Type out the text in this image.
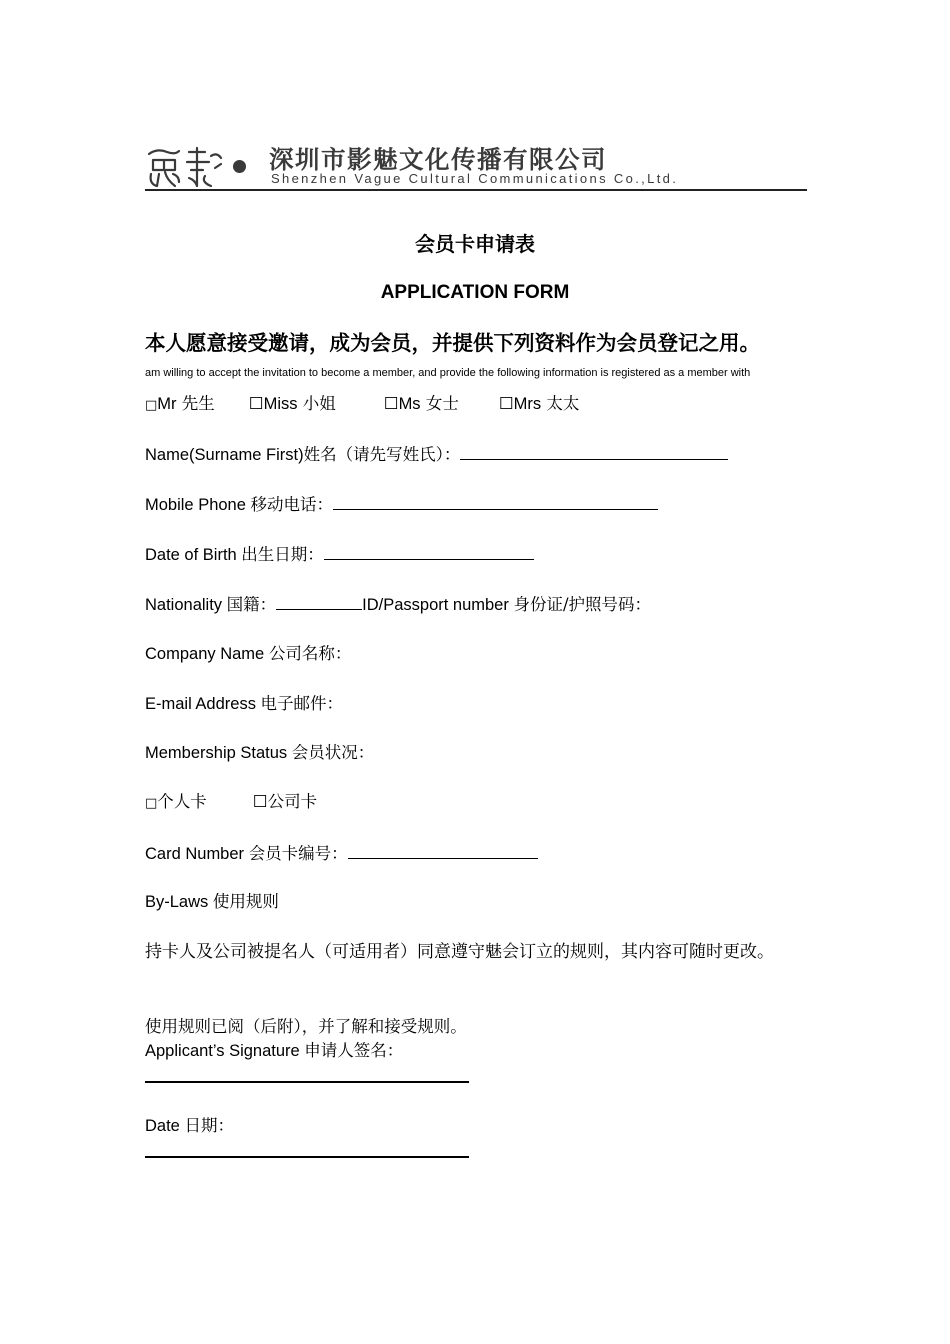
深圳市影魅文化传播有限公司
Shenzhen Vague Cultural Communications Co.,Ltd.
会员卡申请表
APPLICATION FORM
本人愿意接受邀请，成为会员，并提供下列资料作为会员登记之用。
am willing to accept the invitation to become a member, and provide the following information is registered as a member with
□Mr 先生 ☐Miss 小姐	☐Ms 女士 ☐Mrs 太太
Name(Surname First)姓名（请先写姓氏）：
Mobile Phone 移动电话：
Date of Birth 出生日期：
Nationality 国籍：	ID/Passport number 身份证/护照号码：
Company Name 公司名称：
E-mail Address 电子邮件：
Membership Status 会员状况：
□个人卡	☐公司卡
Card Number 会员卡编号：
By-Laws 使用规则
持卡人及公司被提名人（可适用者）同意遵守魅会订立的规则，其内容可随时更改。
使用规则已阅（后附），并了解和接受规则。
Applicant’s Signature 申请人签名：
Date 日期：
